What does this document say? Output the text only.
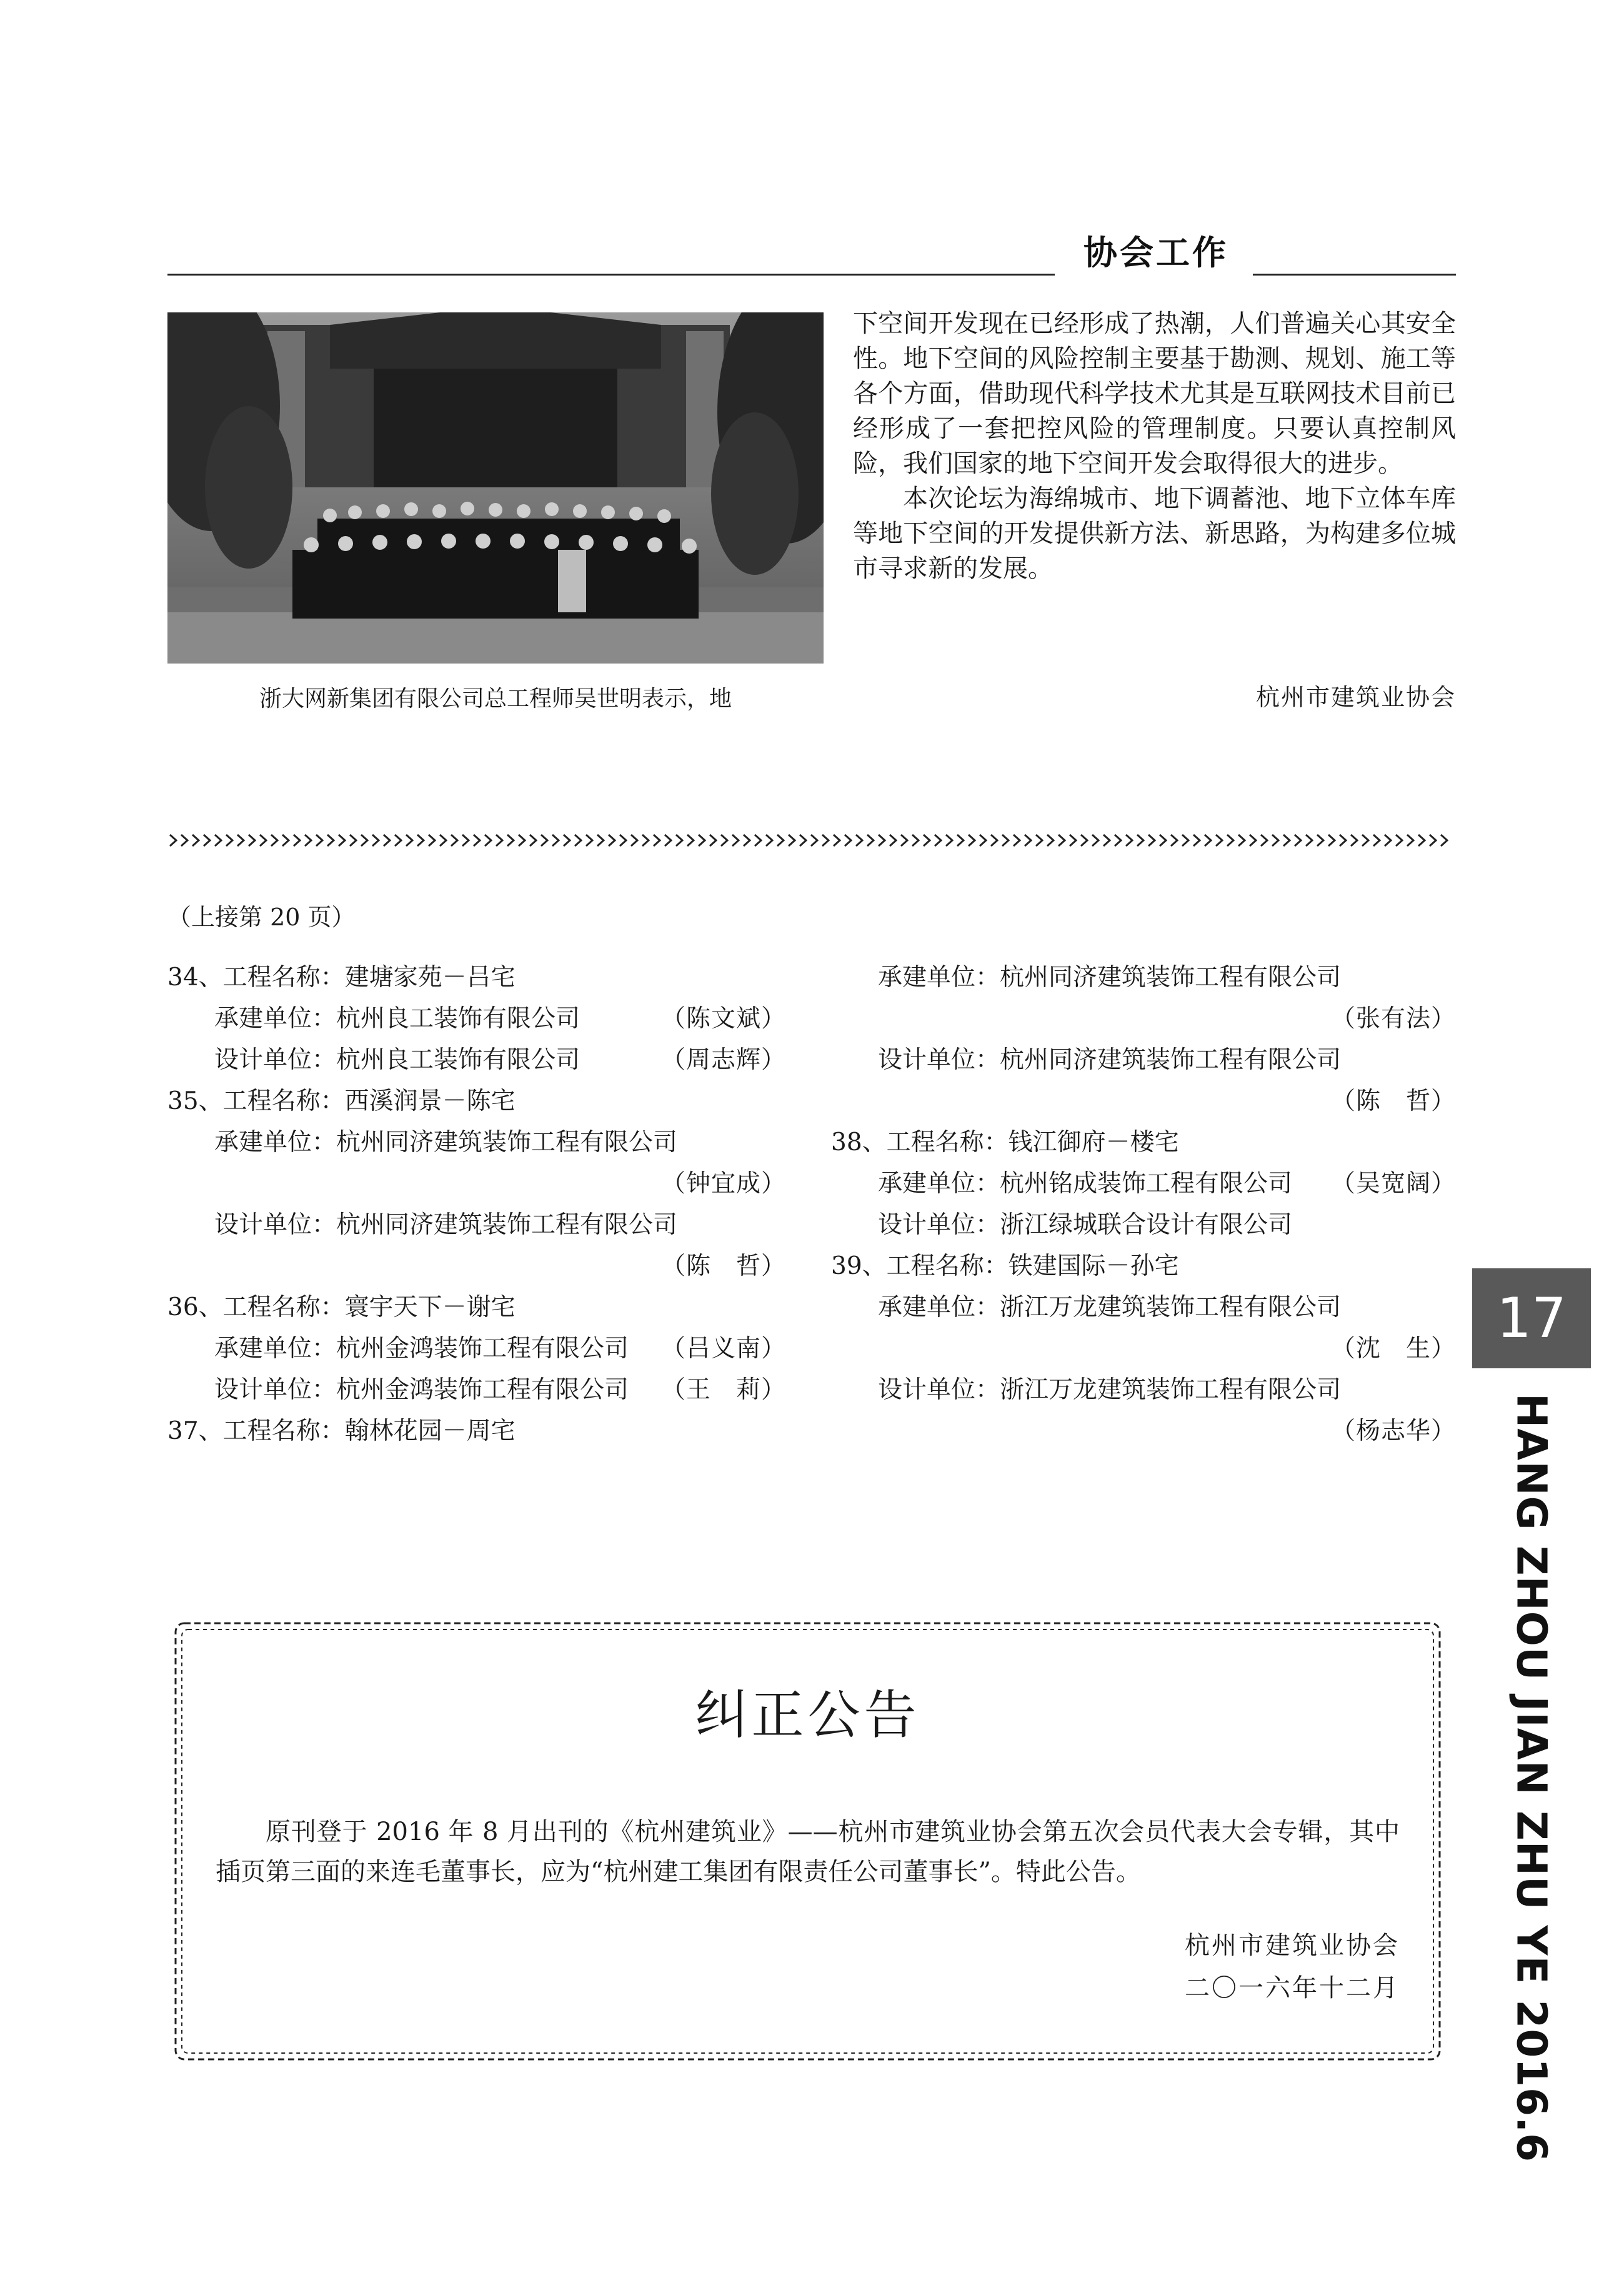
协会工作
浙大网新集团有限公司总工程师吴世明表示，地

下空间开发现在已经形成了热潮，人们普遍关心其安全性。地下空间的风险控制主要基于勘测、规划、施工等各个方面，借助现代科学技术尤其是互联网技术目前已经形成了一套把控风险的管理制度。只要认真控制风险，我们国家的地下空间开发会取得很大的进步。

本次论坛为海绵城市、地下调蓄池、地下立体车库等地下空间的开发提供新方法、新思路，为构建多位城市寻求新的发展。

杭州市建筑业协会
（上接第 20 页）
34、工程名称：建塘家苑－吕宅
承建单位：杭州良工装饰有限公司	（陈文斌）
设计单位：杭州良工装饰有限公司	（周志辉）
35、工程名称：西溪润景－陈宅
承建单位：杭州同济建筑装饰工程有限公司
（钟宜成）
设计单位：杭州同济建筑装饰工程有限公司
（陈　哲）
36、工程名称：寰宇天下－谢宅
承建单位：杭州金鸿装饰工程有限公司 （吕义南）
设计单位：杭州金鸿装饰工程有限公司 （王　莉）
37、工程名称：翰林花园－周宅
承建单位：杭州同济建筑装饰工程有限公司
（张有法）
设计单位：杭州同济建筑装饰工程有限公司
（陈　哲）
38、工程名称：钱江御府－楼宅
承建单位：杭州铭成装饰工程有限公司 （吴宽阔）
设计单位：浙江绿城联合设计有限公司
39、工程名称：铁建国际－孙宅
承建单位：浙江万龙建筑装饰工程有限公司
（沈　生）
设计单位：浙江万龙建筑装饰工程有限公司
（杨志华）
17
HANG ZHOU JIAN ZHU YE 2016.6
纠正公告

原刊登于 2016 年 8 月出刊的《杭州建筑业》——杭州市建筑业协会第五次会员代表大会专辑，其中插页第三面的来连毛董事长，应为“杭州建工集团有限责任公司董事长”。特此公告。

杭州市建筑业协会
二〇一六年十二月
